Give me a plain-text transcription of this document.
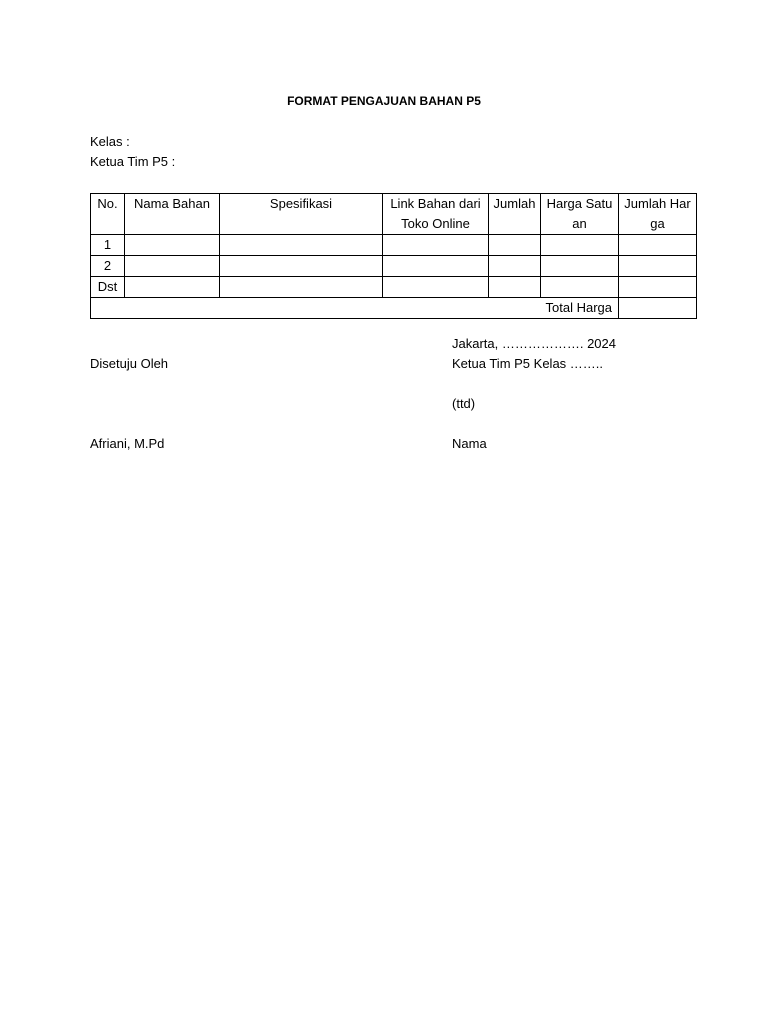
FORMAT PENGAJUAN BAHAN P5
Kelas :
Ketua Tim P5 :
No.	Nama Bahan	Spesifikasi	Link Bahan dari Toko Online	Jumlah	Harga Satuan	Jumlah Harga
1						
2						
Dst						
Total Harga						
Jakarta, ………………. 2024
Disetuju Oleh	Ketua Tim P5 Kelas ……..
(ttd)
Afriani, M.Pd	Nama
